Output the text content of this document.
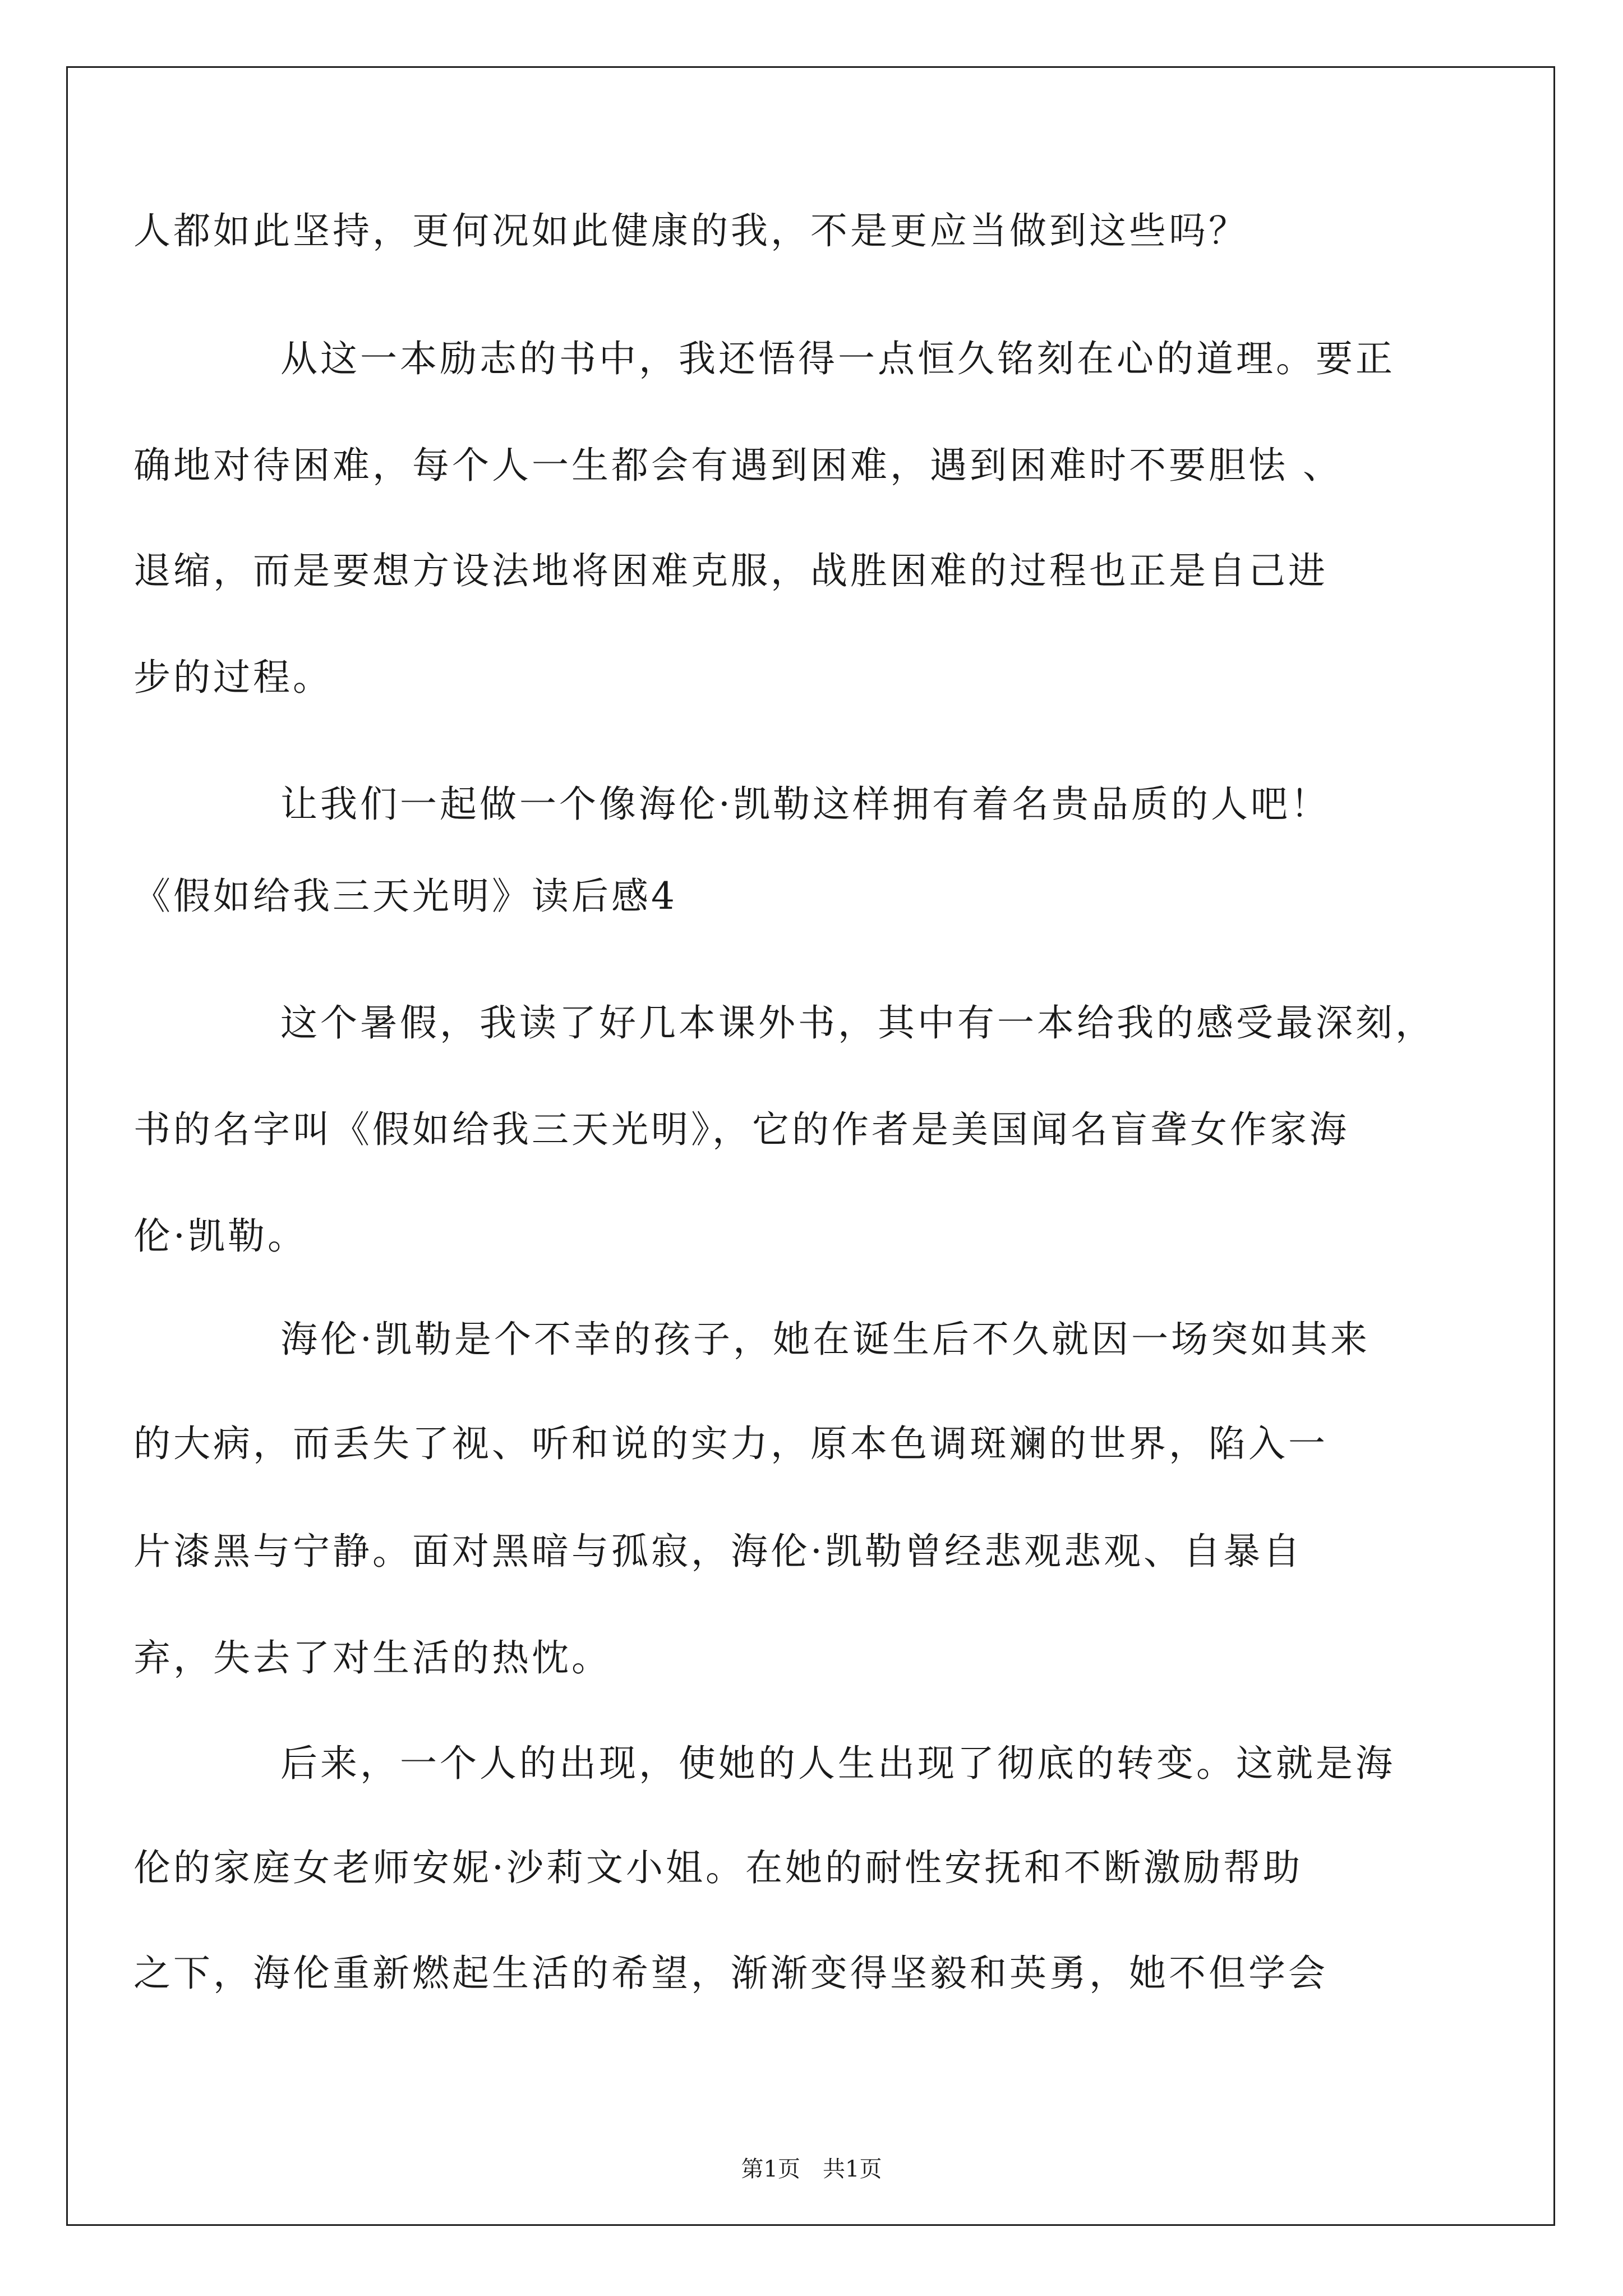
人都如此坚持，更何况如此健康的我，不是更应当做到这些吗？
从这一本励志的书中，我还悟得一点恒久铭刻在心的道理。要正
确地对待困难，每个人一生都会有遇到困难，遇到困难时不要胆怯 、
退缩，而是要想方设法地将困难克服，战胜困难的过程也正是自己进
步的过程。
让我们一起做一个像海伦·凯勒这样拥有着名贵品质的人吧！
《假如给我三天光明》读后感4
这个暑假，我读了好几本课外书，其中有一本给我的感受最深刻，
书的名字叫《假如给我三天光明》，它的作者是美国闻名盲聋女作家海
伦·凯勒。
海伦·凯勒是个不幸的孩子，她在诞生后不久就因一场突如其来
的大病，而丢失了视、听和说的实力，原本色调斑斓的世界，陷入一
片漆黑与宁静。面对黑暗与孤寂，海伦·凯勒曾经悲观悲观、自暴自
弃，失去了对生活的热忱。
后来，一个人的出现，使她的人生出现了彻底的转变。这就是海
伦的家庭女老师安妮·沙莉文小姐。在她的耐性安抚和不断激励帮助
之下，海伦重新燃起生活的希望，渐渐变得坚毅和英勇，她不但学会
第1页　共1页
